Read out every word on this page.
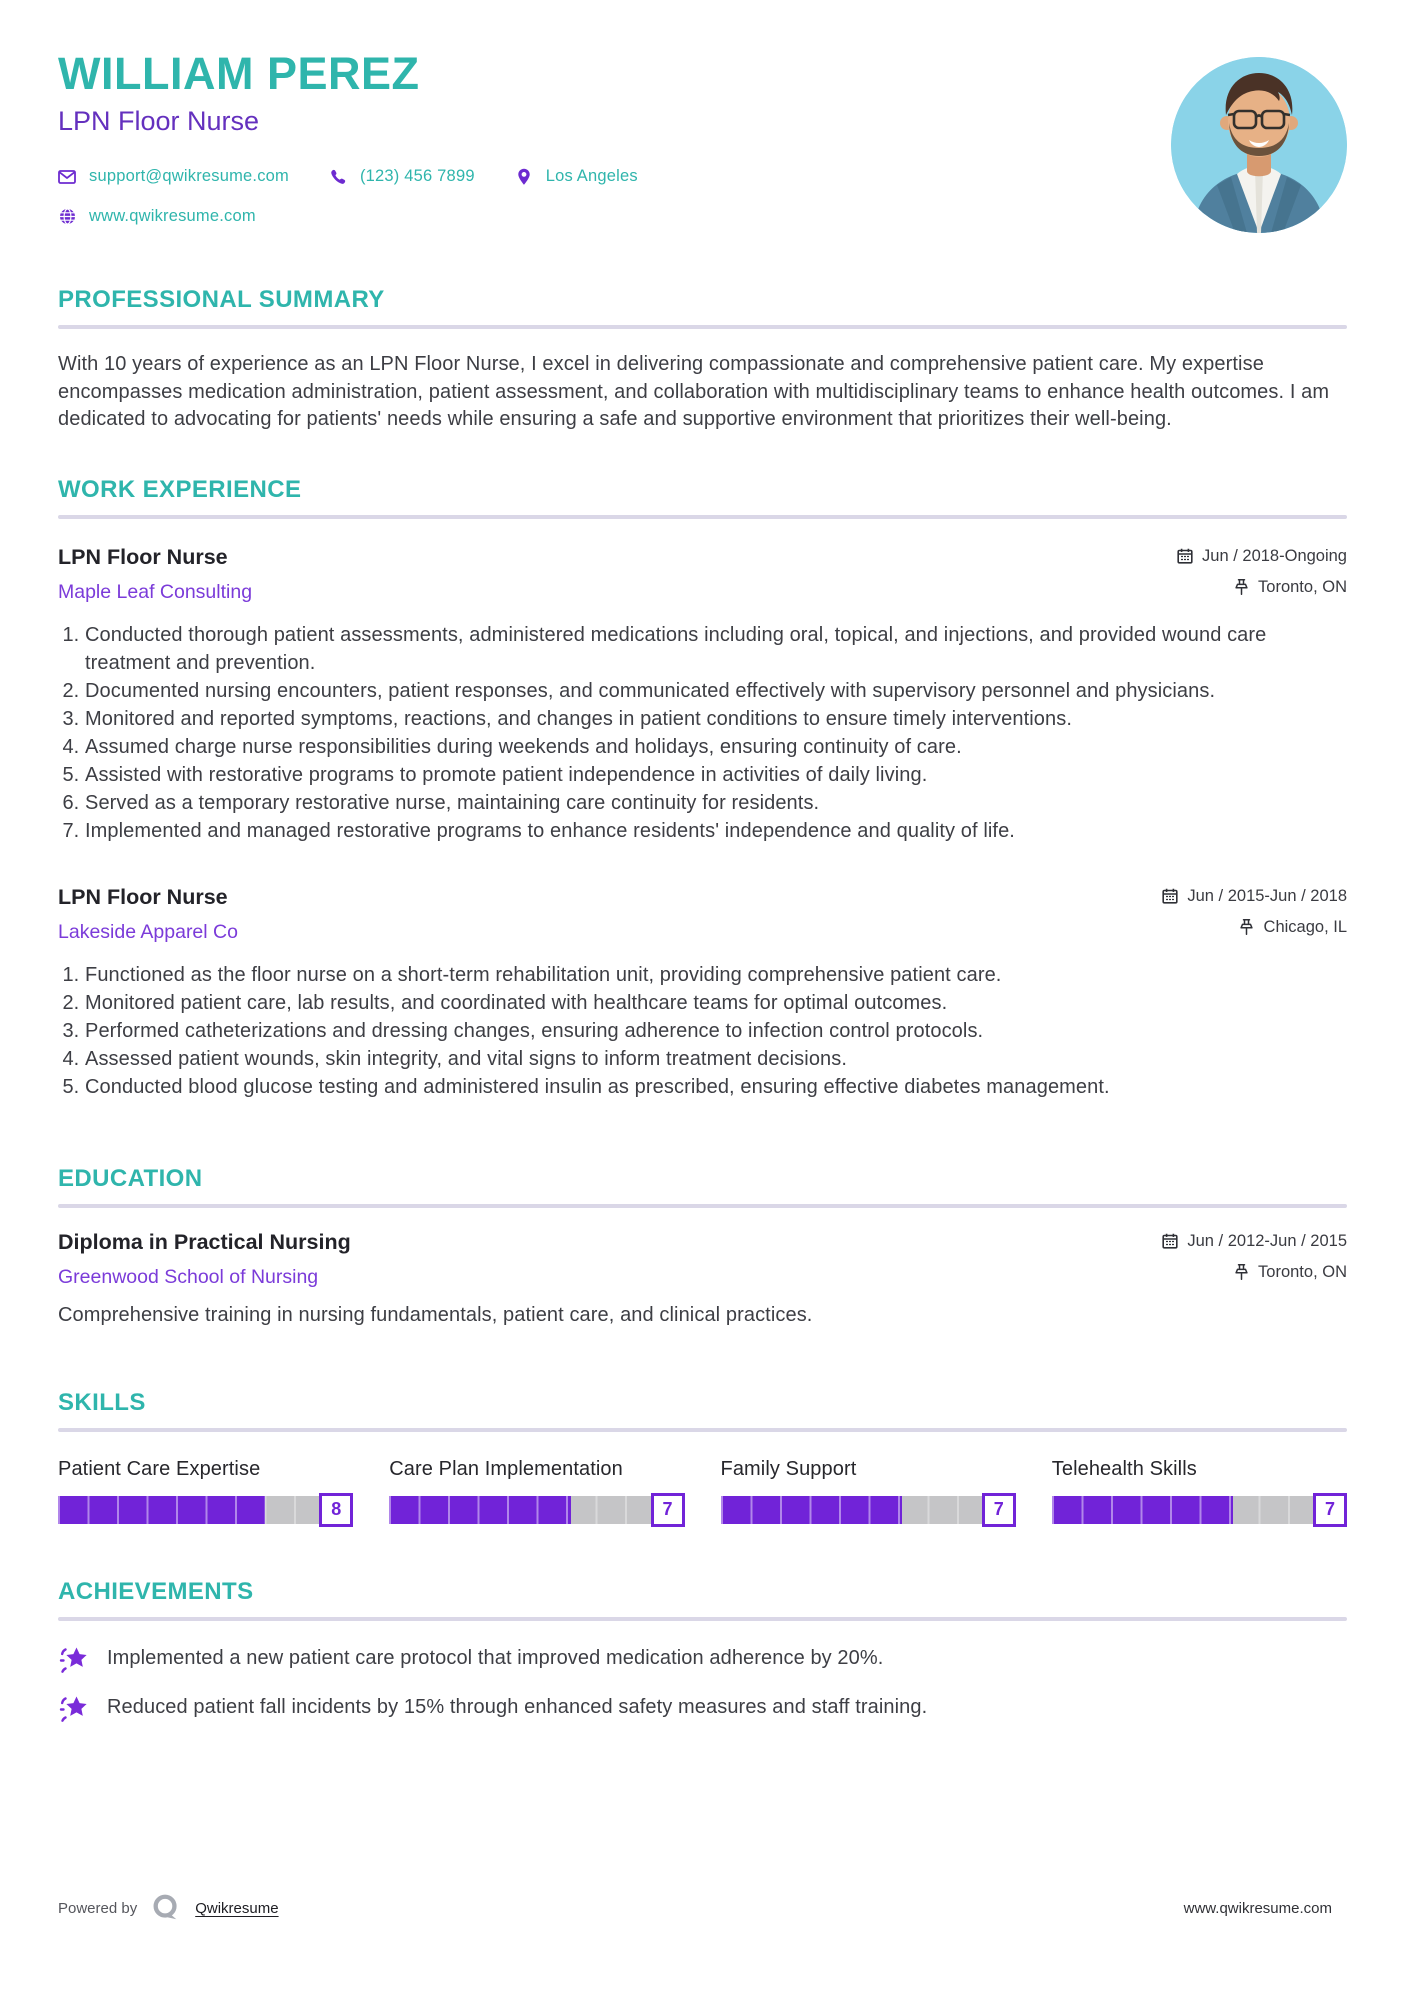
WILLIAM PEREZ
LPN Floor Nurse
support@qwikresume.com	(123) 456 7899	Los Angeles
www.qwikresume.com
PROFESSIONAL SUMMARY

With 10 years of experience as an LPN Floor Nurse, I excel in delivering compassionate and comprehensive patient care. My expertise encompasses medication administration, patient assessment, and collaboration with multidisciplinary teams to enhance health outcomes. I am dedicated to advocating for patients' needs while ensuring a safe and supportive environment that prioritizes their well-being.

WORK EXPERIENCE
LPN Floor Nurse
Maple Leaf Consulting
Jun / 2018-Ongoing
Toronto, ON
1. Conducted thorough patient assessments, administered medications including oral, topical, and injections, and provided wound care treatment and prevention.
2. Documented nursing encounters, patient responses, and communicated effectively with supervisory personnel and physicians.
3. Monitored and reported symptoms, reactions, and changes in patient conditions to ensure timely interventions.
4. Assumed charge nurse responsibilities during weekends and holidays, ensuring continuity of care.
5. Assisted with restorative programs to promote patient independence in activities of daily living.
6. Served as a temporary restorative nurse, maintaining care continuity for residents.
7. Implemented and managed restorative programs to enhance residents' independence and quality of life.
LPN Floor Nurse
Lakeside Apparel Co
Jun / 2015-Jun / 2018
Chicago, IL
1. Functioned as the floor nurse on a short-term rehabilitation unit, providing comprehensive patient care.
2. Monitored patient care, lab results, and coordinated with healthcare teams for optimal outcomes.
3. Performed catheterizations and dressing changes, ensuring adherence to infection control protocols.
4. Assessed patient wounds, skin integrity, and vital signs to inform treatment decisions.
5. Conducted blood glucose testing and administered insulin as prescribed, ensuring effective diabetes management.
EDUCATION
Diploma in Practical Nursing
Greenwood School of Nursing
Jun / 2012-Jun / 2015
Toronto, ON
Comprehensive training in nursing fundamentals, patient care, and clinical practices.
SKILLS
Patient Care Expertise
8
Care Plan Implementation
7
Family Support
7
Telehealth Skills
7
ACHIEVEMENTS
Implemented a new patient care protocol that improved medication adherence by 20%.
Reduced patient fall incidents by 15% through enhanced safety measures and staff training.
Powered by	Qwikresume	www.qwikresume.com
